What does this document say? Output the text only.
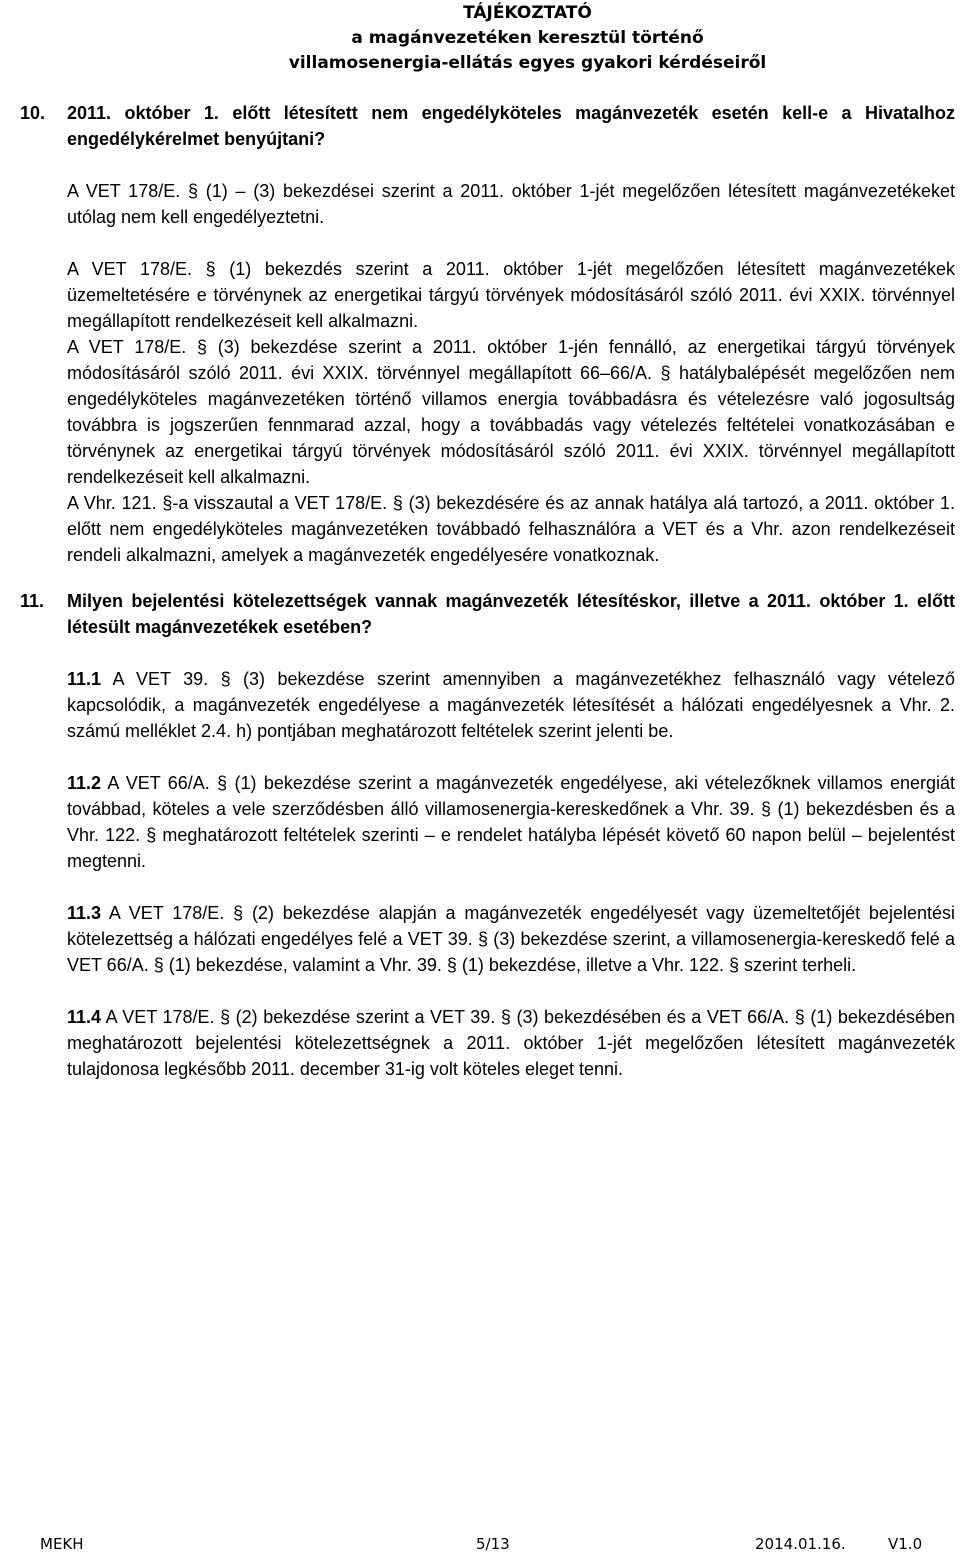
TÁJÉKOZTATÓ
a magánvezetéken keresztül történő
villamosenergia-ellátás egyes gyakori kérdéseiről
10.	2011. október 1. előtt létesített nem engedélyköteles magánvezeték esetén kell-e a Hivatalhoz engedélykérelmet benyújtani?

A VET 178/E. § (1) – (3) bekezdései szerint a 2011. október 1-jét megelőzően létesített magánvezetékeket utólag nem kell engedélyeztetni.

A VET 178/E. § (1) bekezdés szerint a 2011. október 1-jét megelőzően létesített magánvezetékek üzemeltetésére e törvénynek az energetikai tárgyú törvények módosításáról szóló 2011. évi XXIX. törvénnyel megállapított rendelkezéseit kell alkalmazni.

A VET 178/E. § (3) bekezdése szerint a 2011. október 1-jén fennálló, az energetikai tárgyú törvények módosításáról szóló 2011. évi XXIX. törvénnyel megállapított 66–66/A. § hatálybalépését megelőzően nem engedélyköteles magánvezetéken történő villamos energia továbbadásra és vételezésre való jogosultság továbbra is jogszerűen fennmarad azzal, hogy a továbbadás vagy vételezés feltételei vonatkozásában e törvénynek az energetikai tárgyú törvények módosításáról szóló 2011. évi XXIX. törvénnyel megállapított rendelkezéseit kell alkalmazni.

A Vhr. 121. §-a visszautal a VET 178/E. § (3) bekezdésére és az annak hatálya alá tartozó, a 2011. október 1. előtt nem engedélyköteles magánvezetéken továbbadó felhasználóra a VET és a Vhr. azon rendelkezéseit rendeli alkalmazni, amelyek a magánvezeték engedélyesére vonatkoznak.

11.	Milyen bejelentési kötelezettségek vannak magánvezeték létesítéskor, illetve a 2011. október 1. előtt létesült magánvezetékek esetében?

11.1 A VET 39. § (3) bekezdése szerint amennyiben a magánvezetékhez felhasználó vagy vételező kapcsolódik, a magánvezeték engedélyese a magánvezeték létesítését a hálózati engedélyesnek a Vhr. 2. számú melléklet 2.4. h) pontjában meghatározott feltételek szerint jelenti be.

11.2 A VET 66/A. § (1) bekezdése szerint a magánvezeték engedélyese, aki vételezőknek villamos energiát továbbad, köteles a vele szerződésben álló villamosenergia-kereskedőnek a Vhr. 39. § (1) bekezdésben és a Vhr. 122. § meghatározott feltételek szerinti – e rendelet hatályba lépését követő 60 napon belül – bejelentést megtenni.

11.3 A VET 178/E. § (2) bekezdése alapján a magánvezeték engedélyesét vagy üzemeltetőjét bejelentési kötelezettség a hálózati engedélyes felé a VET 39. § (3) bekezdése szerint, a villamosenergia-kereskedő felé a VET 66/A. § (1) bekezdése, valamint a Vhr. 39. § (1) bekezdése, illetve a Vhr. 122. § szerint terheli.

11.4 A VET 178/E. § (2) bekezdése szerint a VET 39. § (3) bekezdésében és a VET 66/A. § (1) bekezdésében meghatározott bejelentési kötelezettségnek a 2011. október 1-jét megelőzően létesített magánvezeték tulajdonosa legkésőbb 2011. december 31-ig volt köteles eleget tenni.

MEKH	5/13	2014.01.16.	V1.0
